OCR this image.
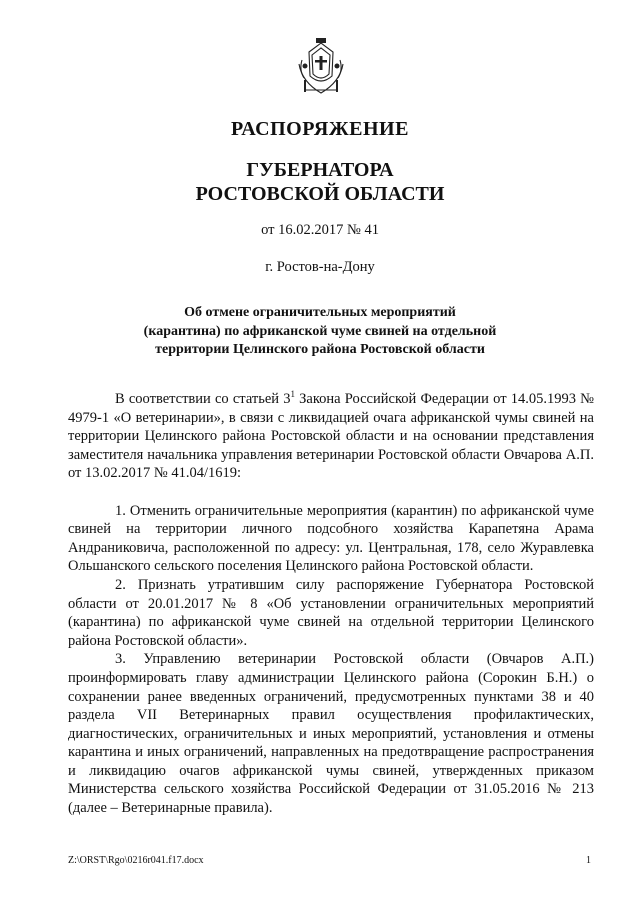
РАСПОРЯЖЕНИЕ
ГУБЕРНАТОРА
РОСТОВСКОЙ ОБЛАСТИ
от 16.02.2017 № 41
г. Ростов-на-Дону
Об отмене ограничительных мероприятий
(карантина) по африканской чуме свиней на отдельной
территории Целинского района Ростовской области

В соответствии со статьей $3^1$ Закона Российской Федерации от 14.05.1993 № 4979-1 «О ветеринарии», в связи с ликвидацией очага африканской чумы свиней на территории Целинского района Ростовской области и на основании представления заместителя начальника управления ветеринарии Ростовской области Овчарова А.П. от 13.02.2017 № 41.04/1619:

1. Отменить ограничительные мероприятия (карантин) по африканской чуме свиней на территории личного подсобного хозяйства Карапетяна Арама Андраниковича, расположенной по адресу: ул. Центральная, 178, село Журавлевка Ольшанского сельского поселения Целинского района Ростовской области.

2. Признать утратившим силу распоряжение Губернатора Ростовской области от 20.01.2017 № 8 «Об установлении ограничительных мероприятий (карантина) по африканской чуме свиней на отдельной территории Целинского района Ростовской области».

3. Управлению ветеринарии Ростовской области (Овчаров А.П.) проинформировать главу администрации Целинского района (Сорокин Б.Н.) о сохранении ранее введенных ограничений, предусмотренных пунктами 38 и 40 раздела VII Ветеринарных правил осуществления профилактических, диагностических, ограничительных и иных мероприятий, установления и отмены карантина и иных ограничений, направленных на предотвращение распространения и ликвидацию очагов африканской чумы свиней, утвержденных приказом Министерства сельского хозяйства Российской Федерации от 31.05.2016 № 213 (далее – Ветеринарные правила).

Z:\ORST\Rgo\0216r041.f17.docx	1
